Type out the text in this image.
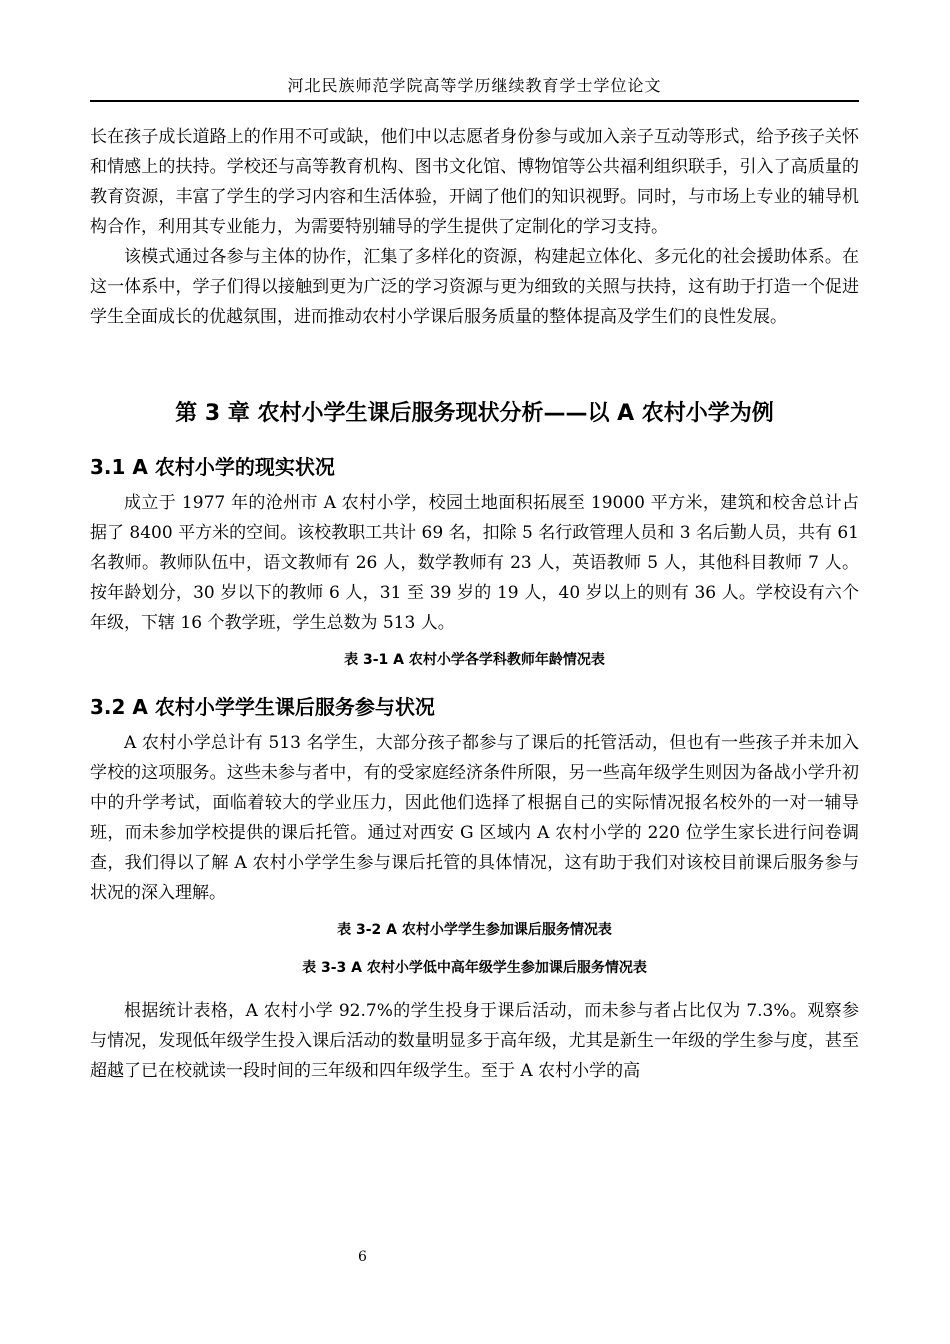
河北民族师范学院高等学历继续教育学士学位论文

长在孩子成长道路上的作用不可或缺，他们中以志愿者身份参与或加入亲子互动等形式，给予孩子关怀和情感上的扶持。学校还与高等教育机构、图书文化馆、博物馆等公共福利组织联手，引入了高质量的教育资源，丰富了学生的学习内容和生活体验，开阔了他们的知识视野。同时，与市场上专业的辅导机构合作，利用其专业能力，为需要特别辅导的学生提供了定制化的学习支持。

该模式通过各参与主体的协作，汇集了多样化的资源，构建起立体化、多元化的社会援助体系。在这一体系中，学子们得以接触到更为广泛的学习资源与更为细致的关照与扶持，这有助于打造一个促进学生全面成长的优越氛围，进而推动农村小学课后服务质量的整体提高及学生们的良性发展。

第 3 章 农村小学生课后服务现状分析——以 A 农村小学为例
3.1 A 农村小学的现实状况

成立于 1977 年的沧州市 A 农村小学，校园土地面积拓展至 19000 平方米，建筑和校舍总计占据了 8400 平方米的空间。该校教职工共计 69 名，扣除 5 名行政管理人员和 3 名后勤人员，共有 61 名教师。教师队伍中，语文教师有 26 人，数学教师有 23 人，英语教师 5 人，其他科目教师 7 人。按年龄划分，30 岁以下的教师 6 人，31 至 39 岁的 19 人，40 岁以上的则有 36 人。学校设有六个年级，下辖 16 个教学班，学生总数为 513 人。

表 3-1 A 农村小学各学科教师年龄情况表
3.2 A 农村小学学生课后服务参与状况

A 农村小学总计有 513 名学生，大部分孩子都参与了课后的托管活动，但也有一些孩子并未加入学校的这项服务。这些未参与者中，有的受家庭经济条件所限，另一些高年级学生则因为备战小学升初中的升学考试，面临着较大的学业压力，因此他们选择了根据自己的实际情况报名校外的一对一辅导班，而未参加学校提供的课后托管。通过对西安 G 区域内 A 农村小学的 220 位学生家长进行问卷调查，我们得以了解 A 农村小学学生参与课后托管的具体情况，这有助于我们对该校目前课后服务参与状况的深入理解。

表 3-2 A 农村小学学生参加课后服务情况表
表 3-3 A 农村小学低中高年级学生参加课后服务情况表

根据统计表格，A 农村小学 92.7%的学生投身于课后活动，而未参与者占比仅为 7.3%。观察参与情况，发现低年级学生投入课后活动的数量明显多于高年级，尤其是新生一年级的学生参与度，甚至超越了已在校就读一段时间的三年级和四年级学生。至于 A 农村小学的高

6
